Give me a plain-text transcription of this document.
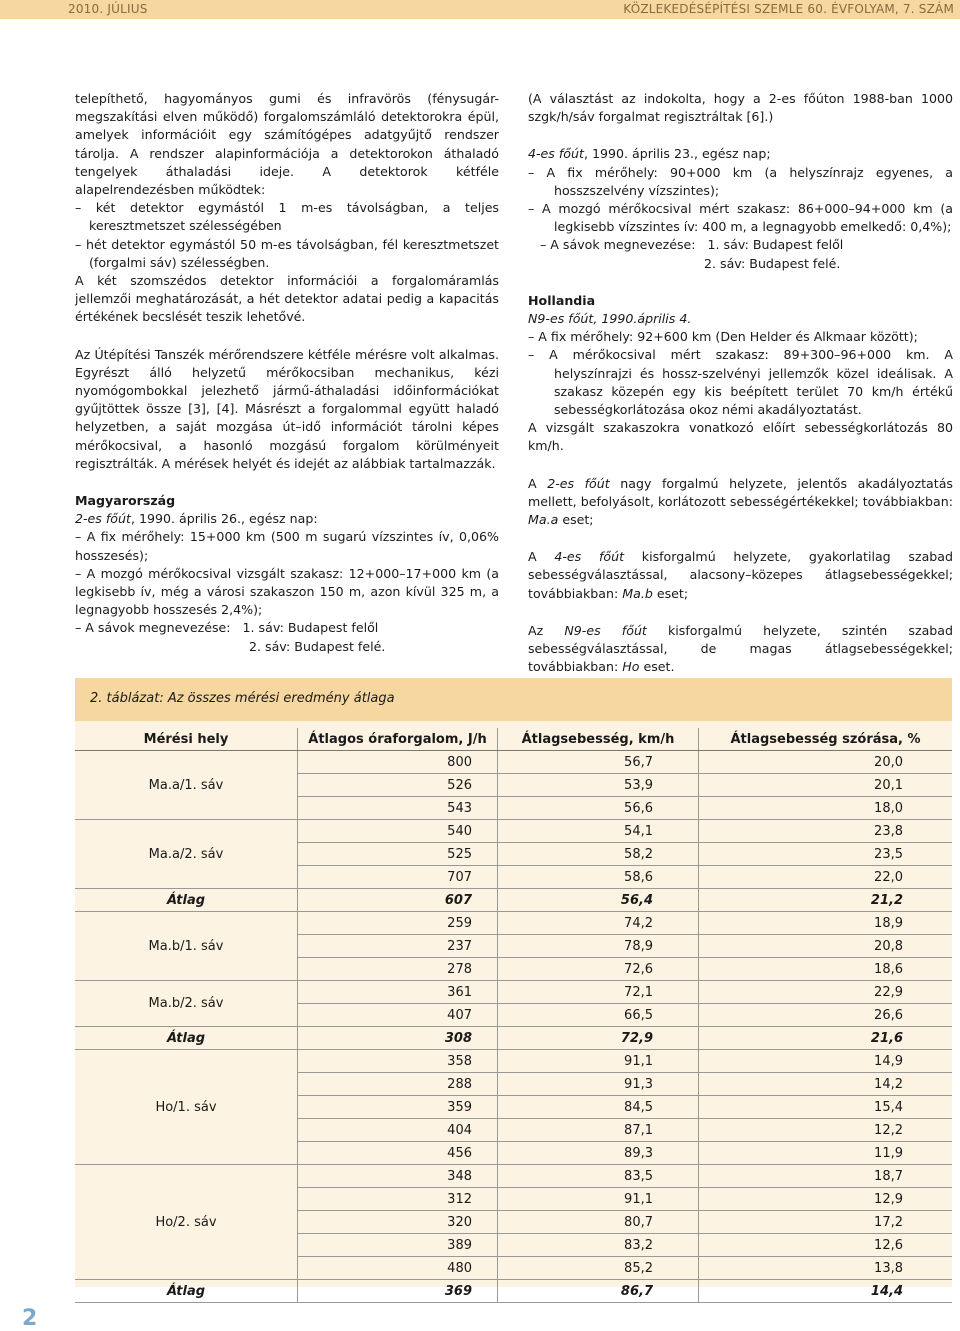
2010. JÚLIUS	KÖZLEKEDÉSÉPÍTÉSI SZEMLE 60. ÉVFOLYAM, 7. SZÁM

telepíthető, hagyományos gumi és infravörös (fénysugár-megszakítási elven működő) forgalomszámláló detektorokra épül, amelyek információit egy számítógépes adatgyűjtő rendszer tárolja. A rendszer alapinformációja a detektorokon áthaladó tengelyek áthaladási ideje. A detektorok kétféle alapelrendezésben működtek:

– két detektor egymástól 1 m-es távolságban, a teljes keresztmetszet szélességében

– hét detektor egymástól 50 m-es távolságban, fél keresztmetszet (forgalmi sáv) szélességben.

A két szomszédos detektor információi a forgalomáramlás jellemzői meghatározását, a hét detektor adatai pedig a kapacitás értékének becslését teszik lehetővé.

Az Útépítési Tanszék mérőrendszere kétféle mérésre volt alkalmas. Egyrészt álló helyzetű mérőkocsiban mechanikus, kézi nyomógombokkal jelezhető jármű-áthaladási időinformációkat gyűjtöttek össze [3], [4]. Másrészt a forgalommal együtt haladó helyzetben, a saját mozgása út–idő információt tárolni képes mérőkocsival, a hasonló mozgású forgalom körülményeit regisztrálták. A mérések helyét és idejét az alábbiak tartalmazzák.

Magyarország

2-es főút, 1990. április 26., egész nap:

– A fix mérőhely: 15+000 km (500 m sugarú vízszintes ív, 0,06% hosszesés);

– A mozgó mérőkocsival vizsgált szakasz: 12+000–17+000 km (a legkisebb ív, még a városi szakaszon 150 m, azon kívül 325 m, a legnagyobb hosszesés 2,4%);

– A sávok megnevezése: 1. sáv: Budapest felől

2. sáv: Budapest felé.

(A választást az indokolta, hogy a 2-es főúton 1988-ban 1000 szgk/h/sáv forgalmat regisztráltak [6].)

4-es főút, 1990. április 23., egész nap;

– A fix mérőhely: 90+000 km (a helyszínrajz egyenes, a hosszszelvény vízszintes);

– A mozgó mérőkocsival mért szakasz: 86+000–94+000 km (a legkisebb vízszintes ív: 400 m, a legnagyobb emelkedő: 0,4%);

– A sávok megnevezése: 1. sáv: Budapest felől

2. sáv: Budapest felé.

Hollandia

N9-es főút, 1990.április 4.

– A fix mérőhely: 92+600 km (Den Helder és Alkmaar között);

– A mérőkocsival mért szakasz: 89+300–96+000 km. A helyszínrajzi és hossz-szelvényi jellemzők közel ideálisak. A szakasz közepén egy kis beépített terület 70 km/h értékű sebességkorlátozása okoz némi akadályoztatást.

A vizsgált szakaszokra vonatkozó előírt sebességkorlátozás 80 km/h.

A 2-es főút nagy forgalmú helyzete, jelentős akadályoztatás mellett, befolyásolt, korlátozott sebességértékekkel; továbbiakban: Ma.a eset;

A 4-es főút kisforgalmú helyzete, gyakorlatilag szabad sebességválasztással, alacsony–közepes átlagsebességekkel; továbbiakban: Ma.b eset;

Az N9-es főút kisforgalmú helyzete, szintén szabad sebességválasztással, de magas átlagsebességekkel; továbbiakban: Ho eset.

2. táblázat: Az összes mérési eredmény átlaga
Mérési hely	Átlagos óraforgalom, J/h	Átlagsebesség, km/h	Átlagsebesség szórása, %
Ma.a/1. sáv	800	56,7	20,0
	526	53,9	20,1
	543	56,6	18,0
Ma.a/2. sáv	540	54,1	23,8
	525	58,2	23,5
	707	58,6	22,0
Átlag	607	56,4	21,2
Ma.b/1. sáv	259	74,2	18,9
	237	78,9	20,8
	278	72,6	18,6
Ma.b/2. sáv	361	72,1	22,9
	407	66,5	26,6
Átlag	308	72,9	21,6
Ho/1. sáv	358	91,1	14,9
	288	91,3	14,2
	359	84,5	15,4
	404	87,1	12,2
	456	89,3	11,9
Ho/2. sáv	348	83,5	18,7
	312	91,1	12,9
	320	80,7	17,2
	389	83,2	12,6
	480	85,2	13,8
Átlag	369	86,7	14,4
2
